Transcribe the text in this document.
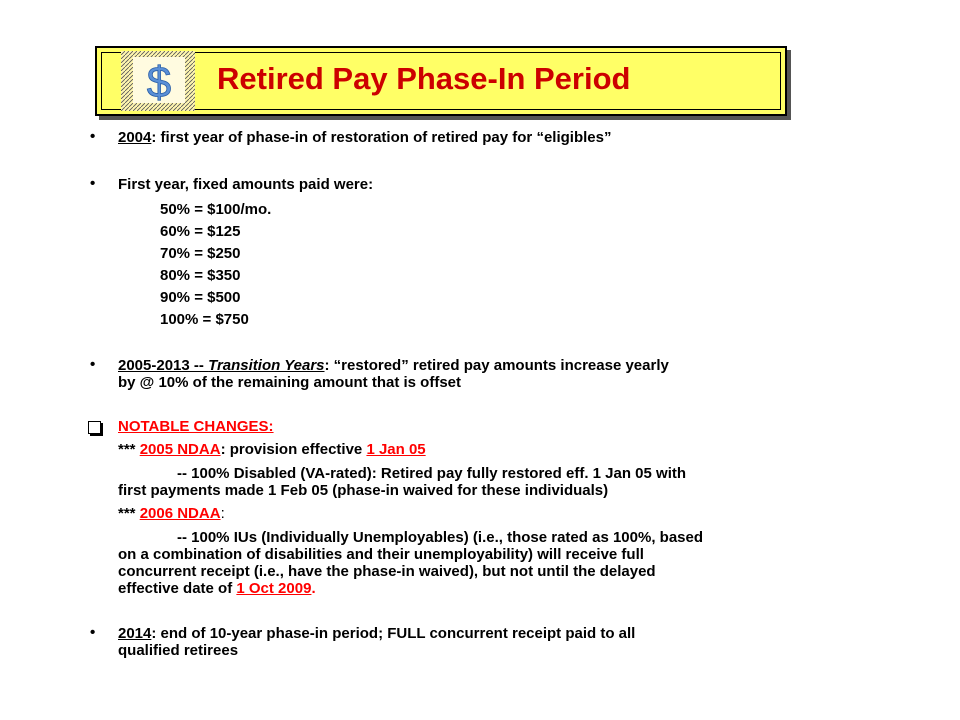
$ Retired Pay Phase-In Period
• 2004: first year of phase-in of restoration of retired pay for “eligibles”
• First year, fixed amounts paid were:
50% = $100/mo.
60% = $125
70% = $250
80% = $350
90% = $500
100% = $750
• 2005-2013 -- Transition Years: “restored” retired pay amounts increase yearly
by @ 10% of the remaining amount that is offset
NOTABLE CHANGES:
*** 2005 NDAA: provision effective 1 Jan 05
-- 100% Disabled (VA-rated): Retired pay fully restored eff. 1 Jan 05 with
first payments made 1 Feb 05 (phase-in waived for these individuals)
*** 2006 NDAA:
-- 100% IUs (Individually Unemployables) (i.e., those rated as 100%, based
on a combination of disabilities and their unemployability) will receive full
concurrent receipt (i.e., have the phase-in waived), but not until the delayed
effective date of 1 Oct 2009.
• 2014: end of 10-year phase-in period; FULL concurrent receipt paid to all
qualified retirees
